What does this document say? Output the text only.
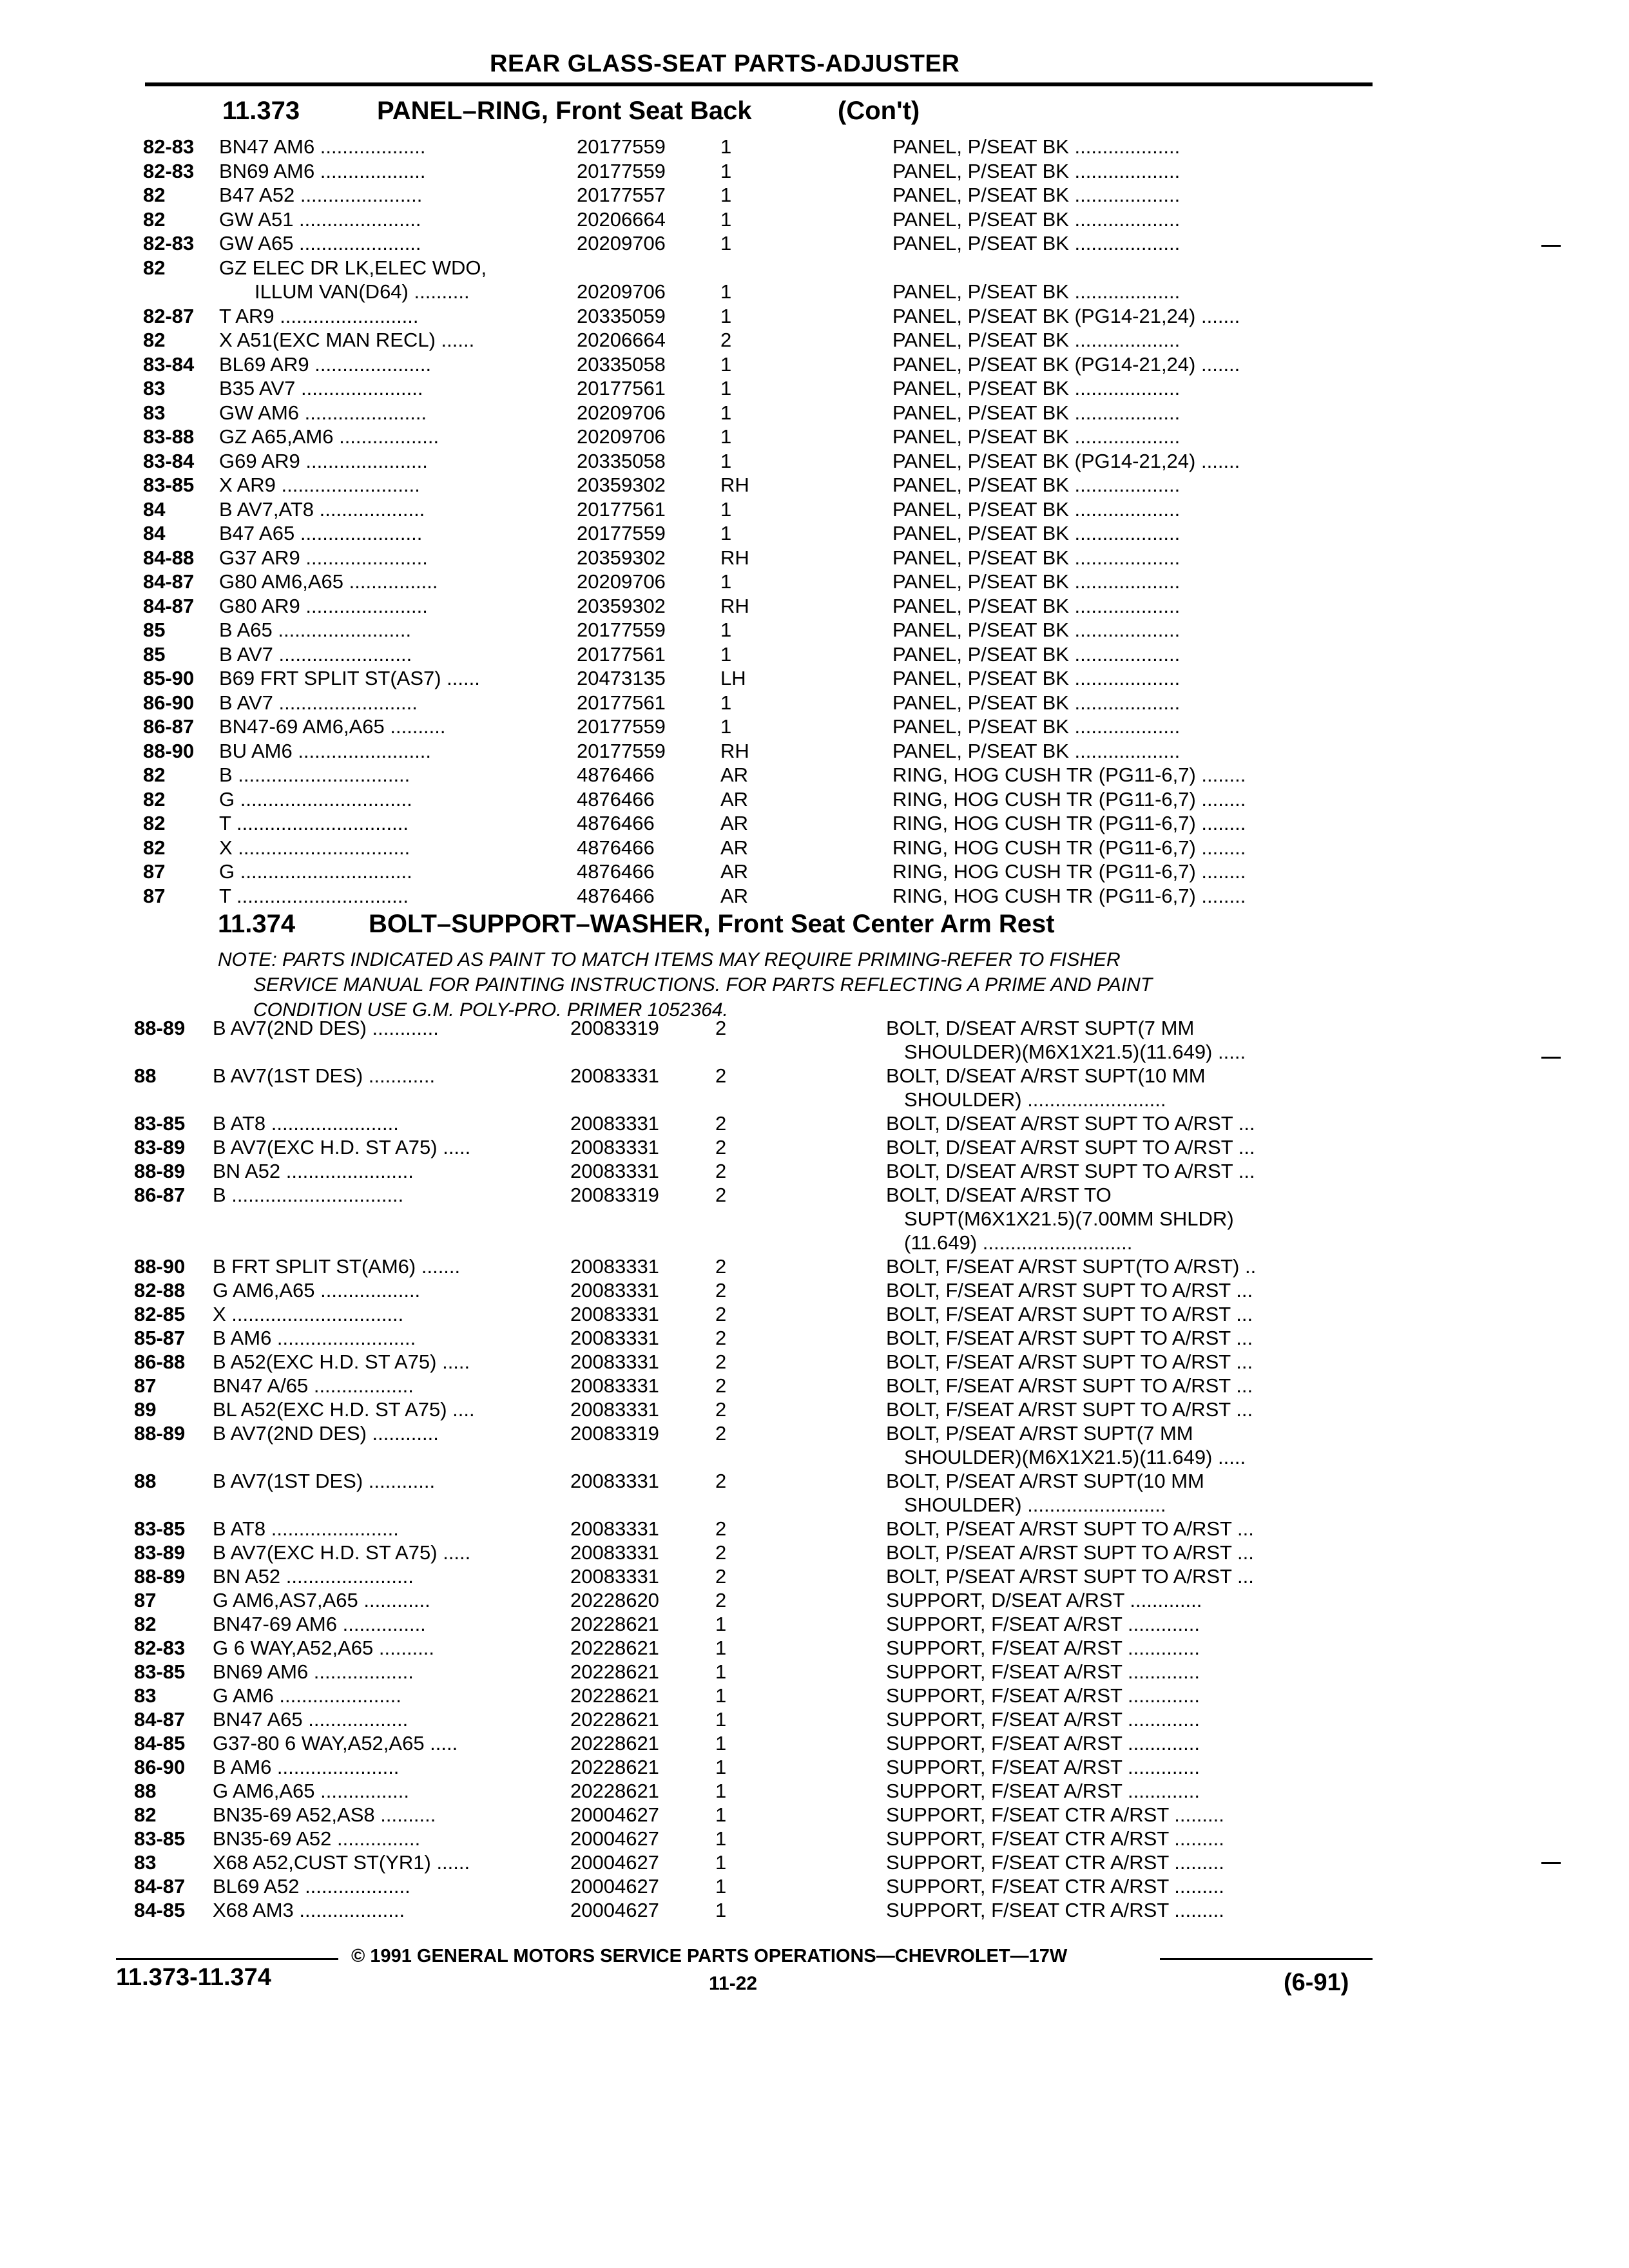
REAR GLASS-SEAT PARTS-ADJUSTER
11.373	PANEL–RING, Front Seat Back	(Con't)
82-83 BN47 AM6 ...................	20177559	1	PANEL, P/SEAT BK ...................
82-83 BN69 AM6 ...................	20177559	1	PANEL, P/SEAT BK ...................
82	B47 A52 ......................	20177557	1	PANEL, P/SEAT BK ...................
82	GW A51 ......................	20206664	1	PANEL, P/SEAT BK ...................
82-83 GW A65 ......................	20209706	1	PANEL, P/SEAT BK ...................
82	GZ ELEC DR LK,ELEC WDO,
ILLUM VAN(D64) ..........	20209706	1	PANEL, P/SEAT BK ...................
82-87 T AR9 .........................	20335059	1	PANEL, P/SEAT BK (PG14-21,24) .......
82	X A51(EXC MAN RECL) ......	20206664	2	PANEL, P/SEAT BK ...................
83-84 BL69 AR9 .....................	20335058	1	PANEL, P/SEAT BK (PG14-21,24) .......
83	B35 AV7 ......................	20177561	1	PANEL, P/SEAT BK ...................
83	GW AM6 ......................	20209706	1	PANEL, P/SEAT BK ...................
83-88 GZ A65,AM6 ..................	20209706	1	PANEL, P/SEAT BK ...................
83-84 G69 AR9 ......................	20335058	1	PANEL, P/SEAT BK (PG14-21,24) .......
83-85 X AR9 .........................	20359302	RH	PANEL, P/SEAT BK ...................
84	B AV7,AT8 ...................	20177561	1	PANEL, P/SEAT BK ...................
84	B47 A65 ......................	20177559	1	PANEL, P/SEAT BK ...................
84-88 G37 AR9 ......................	20359302	RH	PANEL, P/SEAT BK ...................
84-87 G80 AM6,A65 ................	20209706	1	PANEL, P/SEAT BK ...................
84-87 G80 AR9 ......................	20359302	RH	PANEL, P/SEAT BK ...................
85	B A65 ........................	20177559	1	PANEL, P/SEAT BK ...................
85	B AV7 ........................	20177561	1	PANEL, P/SEAT BK ...................
85-90 B69 FRT SPLIT ST(AS7) ......	20473135	LH	PANEL, P/SEAT BK ...................
86-90 B AV7 .........................	20177561	1	PANEL, P/SEAT BK ...................
86-87 BN47-69 AM6,A65 ..........	20177559	1	PANEL, P/SEAT BK ...................
88-90 BU AM6 ........................	20177559	RH	PANEL, P/SEAT BK ...................
82	B ...............................	4876466	AR	RING, HOG CUSH TR (PG11-6,7) ........
82	G ...............................	4876466	AR	RING, HOG CUSH TR (PG11-6,7) ........
82	T ...............................	4876466	AR	RING, HOG CUSH TR (PG11-6,7) ........
82	X ...............................	4876466	AR	RING, HOG CUSH TR (PG11-6,7) ........
87	G ...............................	4876466	AR	RING, HOG CUSH TR (PG11-6,7) ........
87	T ...............................	4876466	AR	RING, HOG CUSH TR (PG11-6,7) ........
11.374	BOLT–SUPPORT–WASHER, Front Seat Center Arm Rest
NOTE: PARTS INDICATED AS PAINT TO MATCH ITEMS MAY REQUIRE PRIMING-REFER TO FISHER
SERVICE MANUAL FOR PAINTING INSTRUCTIONS. FOR PARTS REFLECTING A PRIME AND PAINT
CONDITION USE G.M. POLY-PRO. PRIMER 1052364.
88-89 B AV7(2ND DES) ............	20083319	2	BOLT, D/SEAT A/RST SUPT(7 MM
SHOULDER)(M6X1X21.5)(11.649) .....
88	B AV7(1ST DES) ............	20083331	2	BOLT, D/SEAT A/RST SUPT(10 MM
SHOULDER) .........................
83-85 B AT8 .......................	20083331	2	BOLT, D/SEAT A/RST SUPT TO A/RST ...
83-89 B AV7(EXC H.D. ST A75) .....	20083331	2	BOLT, D/SEAT A/RST SUPT TO A/RST ...
88-89 BN A52 .......................	20083331	2	BOLT, D/SEAT A/RST SUPT TO A/RST ...
86-87 B ...............................	20083319	2	BOLT, D/SEAT A/RST TO
SUPT(M6X1X21.5)(7.00MM SHLDR)
(11.649) ...........................
88-90 B FRT SPLIT ST(AM6) .......	20083331	2	BOLT, F/SEAT A/RST SUPT(TO A/RST) ..
82-88 G AM6,A65 ..................	20083331	2	BOLT, F/SEAT A/RST SUPT TO A/RST ...
82-85 X ...............................	20083331	2	BOLT, F/SEAT A/RST SUPT TO A/RST ...
85-87 B AM6 .........................	20083331	2	BOLT, F/SEAT A/RST SUPT TO A/RST ...
86-88 B A52(EXC H.D. ST A75) .....	20083331	2	BOLT, F/SEAT A/RST SUPT TO A/RST ...
87	BN47 A/65 ..................	20083331	2	BOLT, F/SEAT A/RST SUPT TO A/RST ...
89	BL A52(EXC H.D. ST A75) ....	20083331	2	BOLT, F/SEAT A/RST SUPT TO A/RST ...
88-89 B AV7(2ND DES) ............	20083319	2	BOLT, P/SEAT A/RST SUPT(7 MM
SHOULDER)(M6X1X21.5)(11.649) .....
88	B AV7(1ST DES) ............	20083331	2	BOLT, P/SEAT A/RST SUPT(10 MM
SHOULDER) .........................
83-85 B AT8 .......................	20083331	2	BOLT, P/SEAT A/RST SUPT TO A/RST ...
83-89 B AV7(EXC H.D. ST A75) .....	20083331	2	BOLT, P/SEAT A/RST SUPT TO A/RST ...
88-89 BN A52 .......................	20083331	2	BOLT, P/SEAT A/RST SUPT TO A/RST ...
87	G AM6,AS7,A65 ............	20228620	2	SUPPORT, D/SEAT A/RST .............
82	BN47-69 AM6 ...............	20228621	1	SUPPORT, F/SEAT A/RST .............
82-83 G 6 WAY,A52,A65 ..........	20228621	1	SUPPORT, F/SEAT A/RST .............
83-85 BN69 AM6 ..................	20228621	1	SUPPORT, F/SEAT A/RST .............
83	G AM6 ......................	20228621	1	SUPPORT, F/SEAT A/RST .............
84-87 BN47 A65 ..................	20228621	1	SUPPORT, F/SEAT A/RST .............
84-85 G37-80 6 WAY,A52,A65 .....	20228621	1	SUPPORT, F/SEAT A/RST .............
86-90 B AM6 ......................	20228621	1	SUPPORT, F/SEAT A/RST .............
88	G AM6,A65 ................	20228621	1	SUPPORT, F/SEAT A/RST .............
82	BN35-69 A52,AS8 ..........	20004627	1	SUPPORT, F/SEAT CTR A/RST .........
83-85 BN35-69 A52 ...............	20004627	1	SUPPORT, F/SEAT CTR A/RST .........
83	X68 A52,CUST ST(YR1) ......	20004627	1	SUPPORT, F/SEAT CTR A/RST .........
84-87 BL69 A52 ...................	20004627	1	SUPPORT, F/SEAT CTR A/RST .........
84-85 X68 AM3 ...................	20004627	1	SUPPORT, F/SEAT CTR A/RST .........
© 1991 GENERAL MOTORS SERVICE PARTS OPERATIONS—CHEVROLET—17W
11.373-11.374	11-22	(6-91)
